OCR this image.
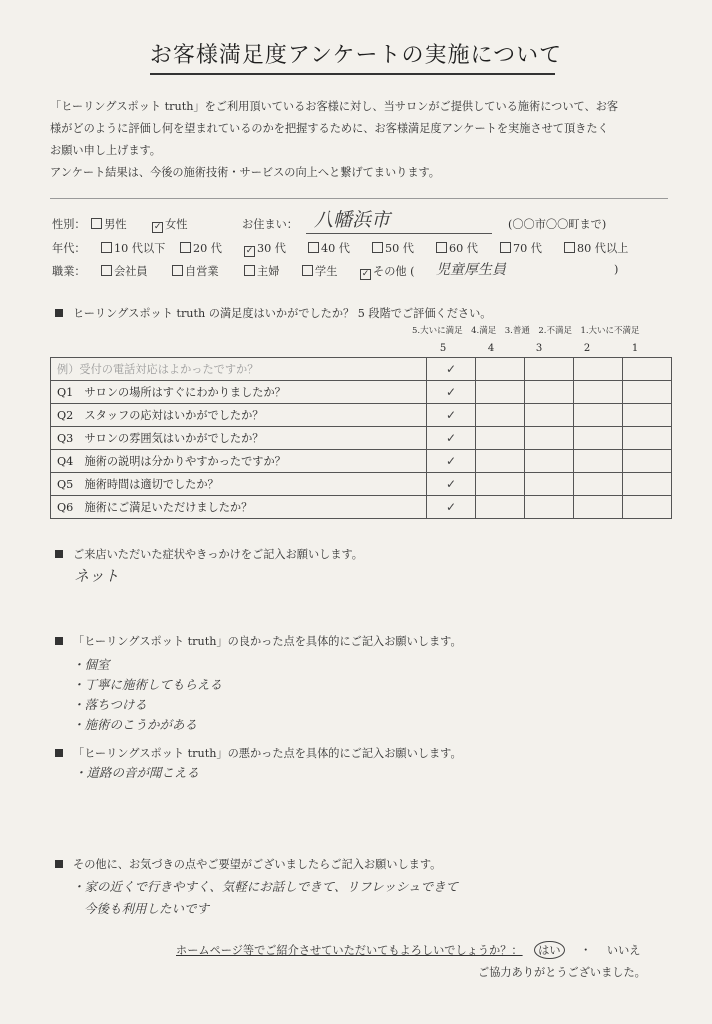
お客様満足度アンケートの実施について
「ヒーリングスポット truth」をご利用頂いているお客様に対し、当サロンがご提供している施術について、お客
様がどのように評価し何を望まれているのかを把握するために、お客様満足度アンケートを実施させて頂きたく
お願い申し上げます。
アンケート結果は、今後の施術技術・サービスの向上へと繋げてまいります。
性別： 男性	✓ 女性	お住まい： 八幡浜市	(〇〇市〇〇町まで)
年代：	10 代以下	20 代	✓ 30 代	40 代	50 代	60 代	70 代	80 代以上
職業：	会社員	自営業	主婦	学生	✓ その他 ( 児童厚生員	)
ヒーリングスポット truth の満足度はいかがでしたか？ 5 段階でご評価ください。
5.大いに満足　4.満足　3.普通　2.不満足　1.大いに不満足
5	4	3	2	1
例）受付の電話対応はよかったですか？	✓				
Q1　サロンの場所はすぐにわかりましたか？	✓				
Q2　スタッフの応対はいかがでしたか？	✓				
Q3　サロンの雰囲気はいかがでしたか？	✓				
Q4　施術の説明は分かりやすかったですか？	✓				
Q5　施術時間は適切でしたか？	✓				
Q6　施術にご満足いただけましたか？	✓				
ご来店いただいた症状やきっかけをご記入お願いします。
ネット
「ヒーリングスポット truth」の良かった点を具体的にご記入お願いします。
・個室
・丁寧に施術してもらえる
・落ちつける
・施術のこうかがある
「ヒーリングスポット truth」の悪かった点を具体的にご記入お願いします。
・道路の音が聞こえる
その他に、お気づきの点やご要望がございましたらご記入お願いします。
・家の近くで行きやすく、気軽にお話しできて、リフレッシュできて
今後も利用したいです
ホームページ等でご紹介させていただいてもよろしいでしょうか？： はい ・ いいえ
ご協力ありがとうございました。
